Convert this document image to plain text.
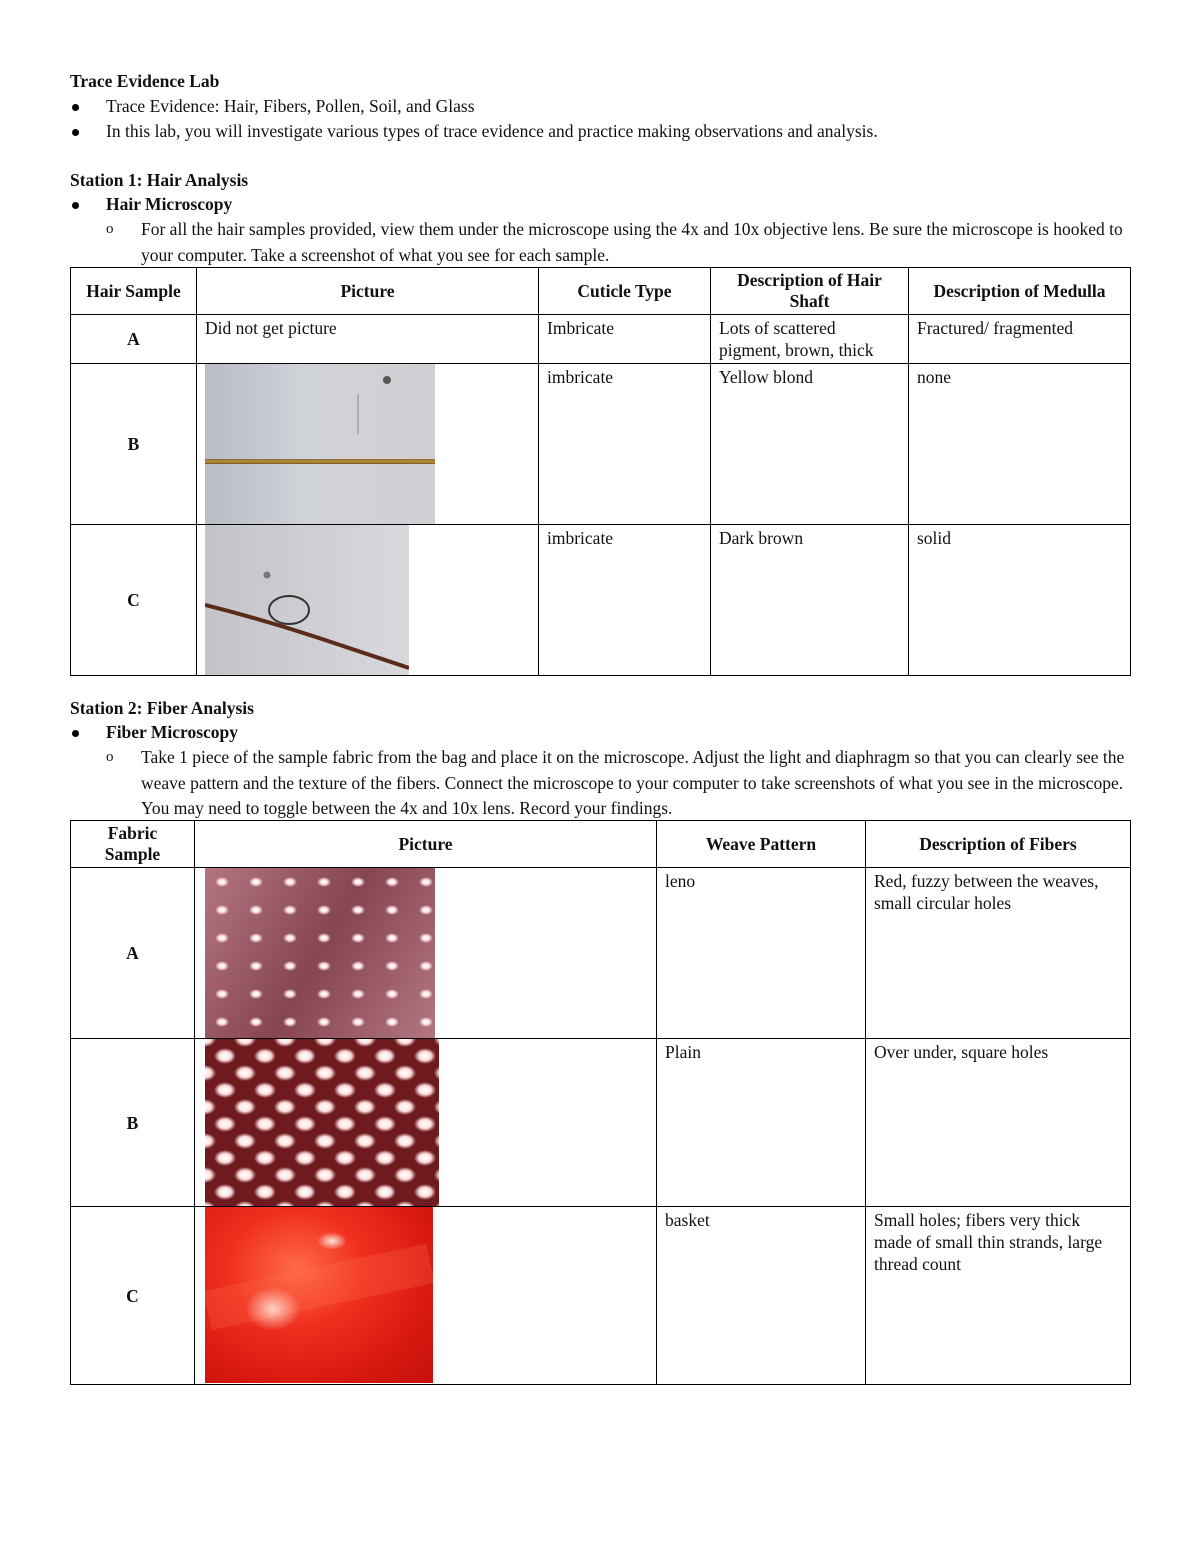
Trace Evidence Lab
Trace Evidence: Hair, Fibers, Pollen, Soil, and Glass
In this lab, you will investigate various types of trace evidence and practice making observations and analysis.
Station 1: Hair Analysis
Hair Microscopy
o For all the hair samples provided, view them under the microscope using the 4x and 10x objective lens. Be sure the microscope is hooked to your computer. Take a screenshot of what you see for each sample.
Hair Sample	Picture	Cuticle Type	Description of Hair Shaft	Description of Medulla
A	Did not get picture	Imbricate	Lots of scattered pigment, brown, thick	Fractured/ fragmented
B		imbricate	Yellow blond	none
C		imbricate	Dark brown	solid
Station 2: Fiber Analysis
Fiber Microscopy
o Take 1 piece of the sample fabric from the bag and place it on the microscope. Adjust the light and diaphragm so that you can clearly see the weave pattern and the texture of the fibers. Connect the microscope to your computer to take screenshots of what you see in the microscope. You may need to toggle between the 4x and 10x lens. Record your findings.
Fabric Sample	Picture	Weave Pattern	Description of Fibers
A		leno	Red, fuzzy between the weaves, small circular holes
B		Plain	Over under, square holes
C		basket	Small holes; fibers very thick made of small thin strands, large thread count
